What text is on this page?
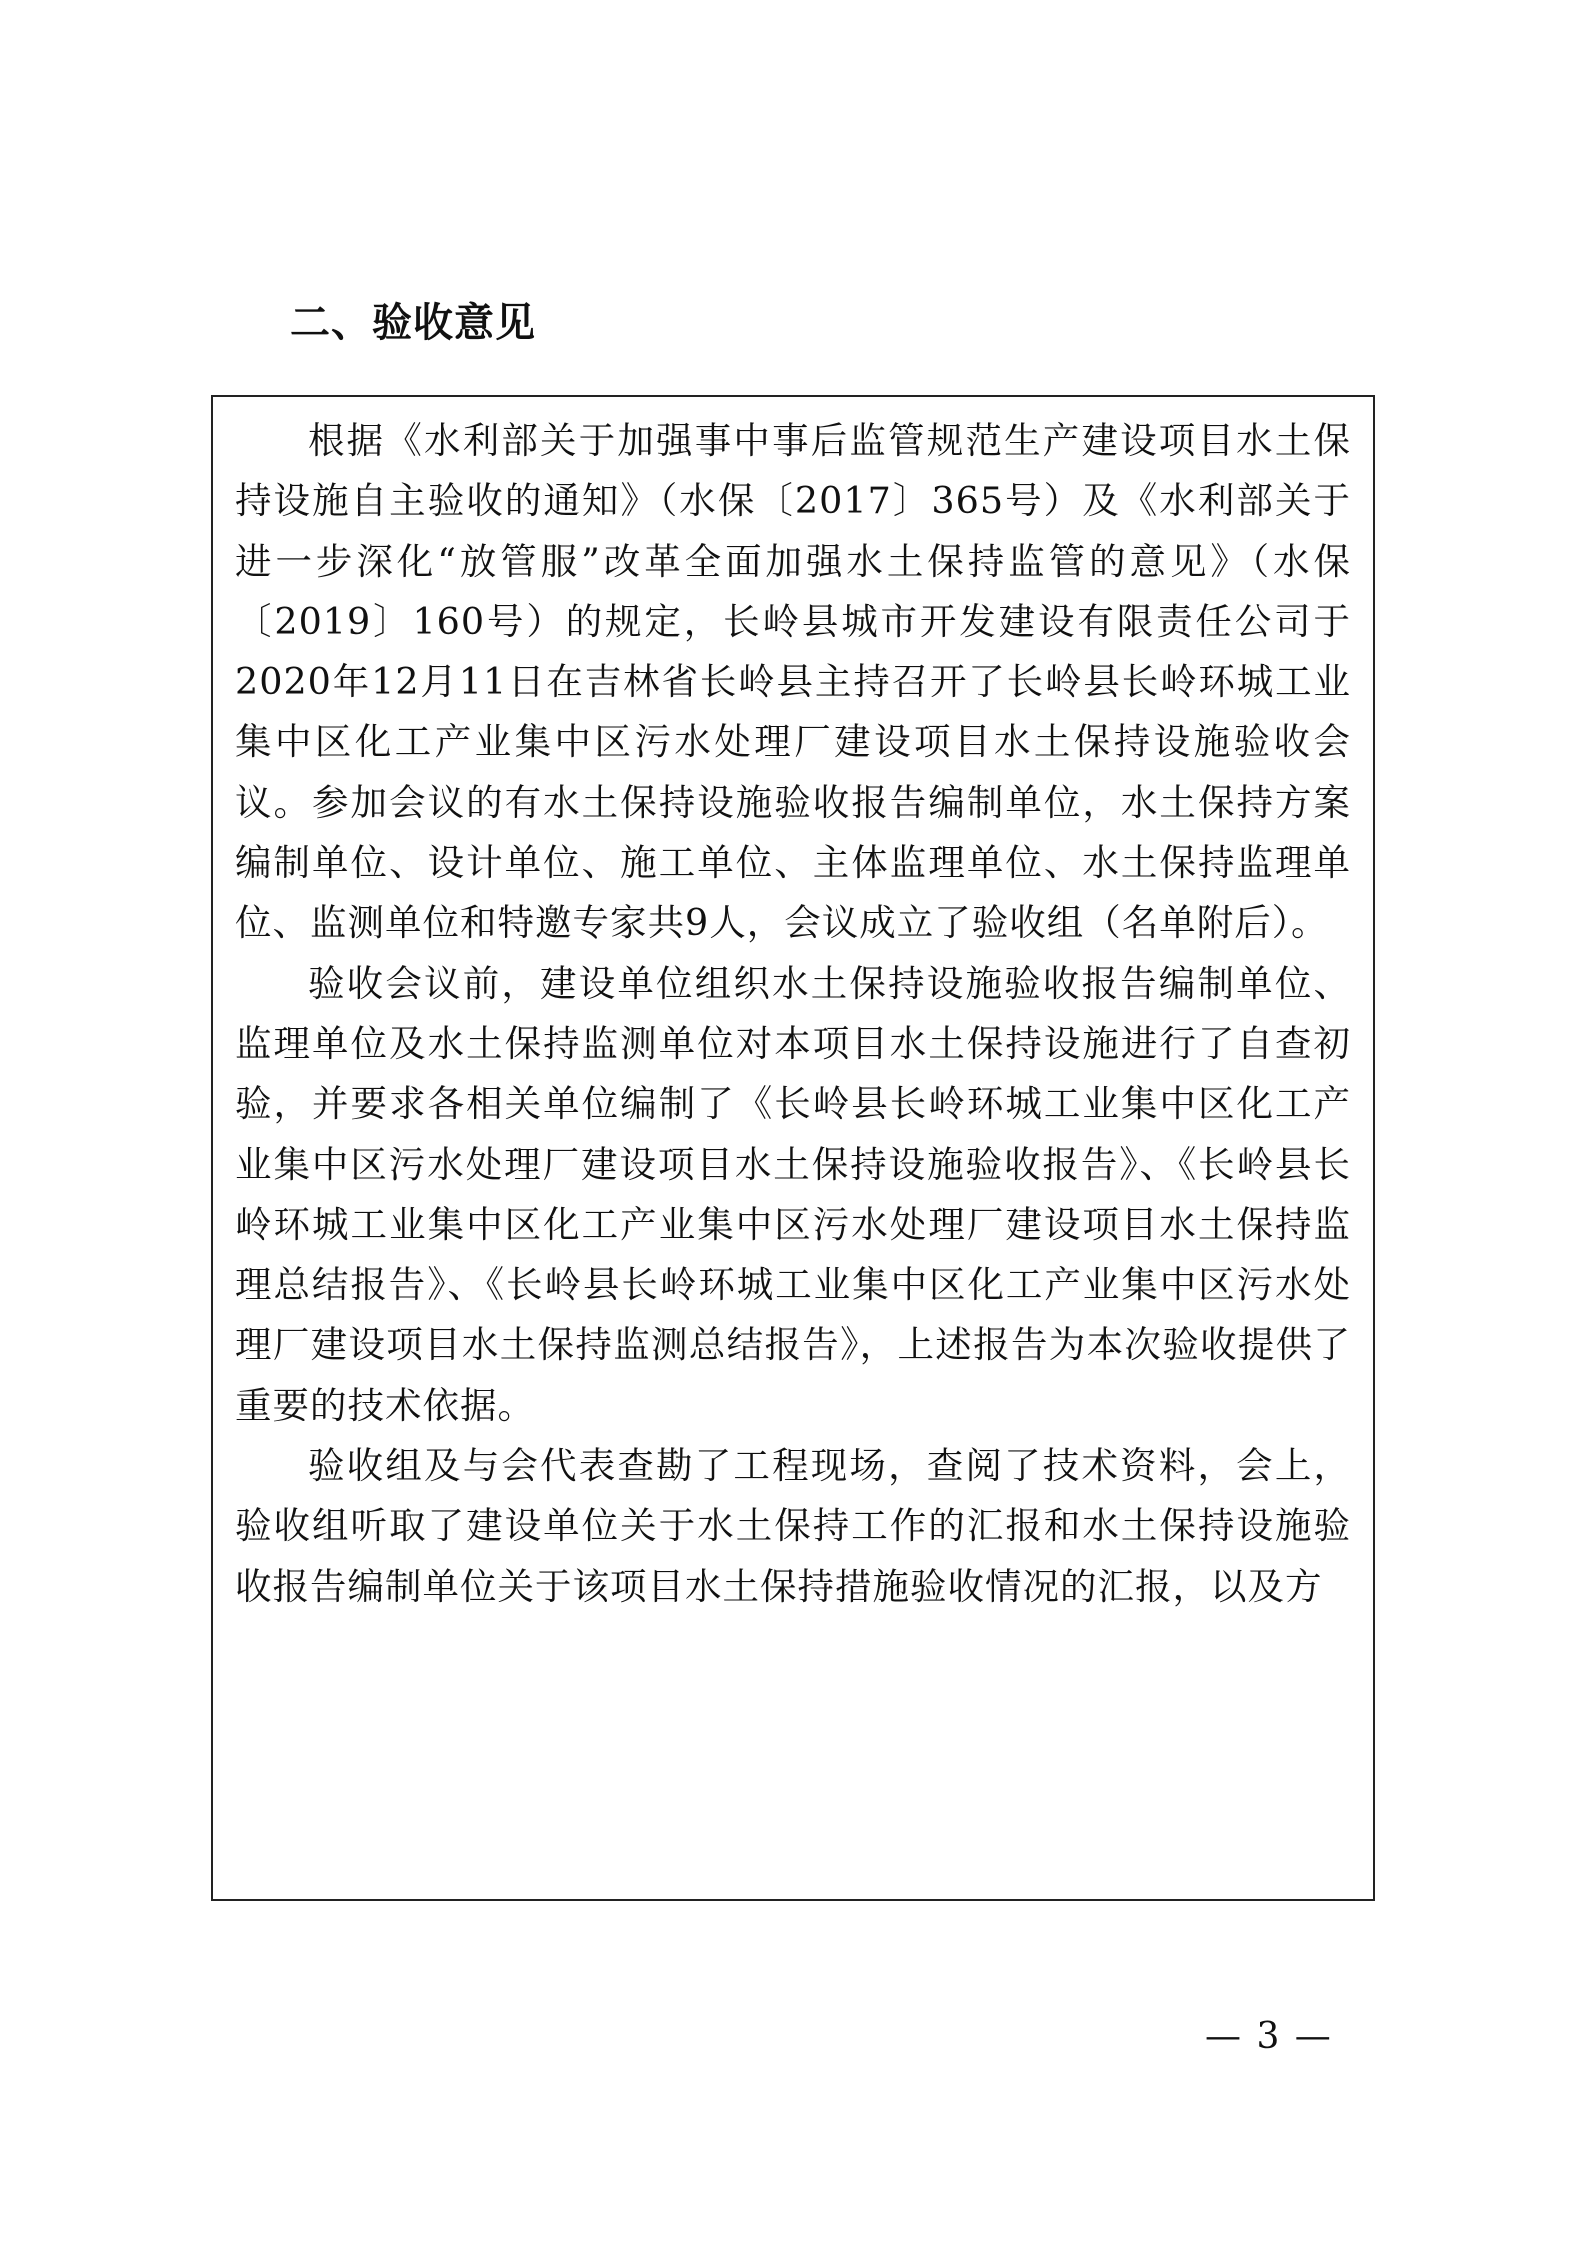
二、验收意见

根据《水利部关于加强事中事后监管规范生产建设项目水土保持设施自主验收的通知》（水保〔2017〕365号）及《水利部关于进一步深化“放管服”改革全面加强水土保持监管的意见》（水保〔2019〕160号）的规定，长岭县城市开发建设有限责任公司于2020年12月11日在吉林省长岭县主持召开了长岭县长岭环城工业集中区化工产业集中区污水处理厂建设项目水土保持设施验收会议。参加会议的有水土保持设施验收报告编制单位，水土保持方案编制单位、设计单位、施工单位、主体监理单位、水土保持监理单位、监测单位和特邀专家共9人，会议成立了验收组（名单附后）。

验收会议前，建设单位组织水土保持设施验收报告编制单位、监理单位及水土保持监测单位对本项目水土保持设施进行了自查初验，并要求各相关单位编制了《长岭县长岭环城工业集中区化工产业集中区污水处理厂建设项目水土保持设施验收报告》、《长岭县长岭环城工业集中区化工产业集中区污水处理厂建设项目水土保持监理总结报告》、《长岭县长岭环城工业集中区化工产业集中区污水处理厂建设项目水土保持监测总结报告》，上述报告为本次验收提供了重要的技术依据。

验收组及与会代表查勘了工程现场，查阅了技术资料，会上，验收组听取了建设单位关于水土保持工作的汇报和水土保持设施验收报告编制单位关于该项目水土保持措施验收情况的汇报，以及方

— 3 —
